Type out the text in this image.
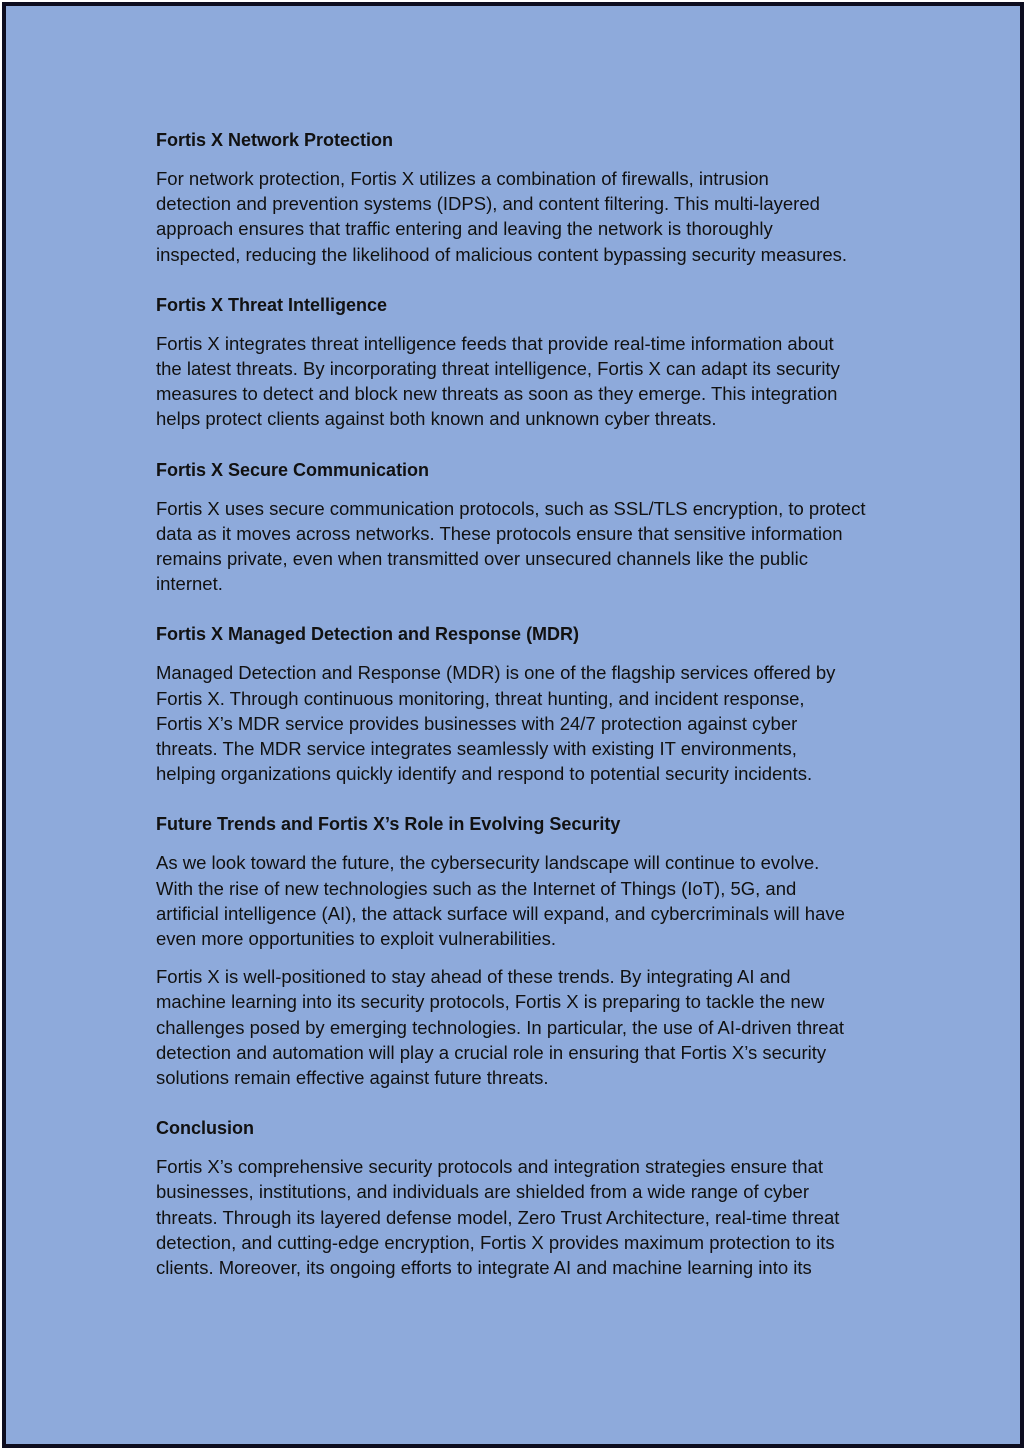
Fortis X Network Protection

For network protection, Fortis X utilizes a combination of firewalls, intrusion
detection and prevention systems (IDPS), and content filtering. This multi-layered
approach ensures that traffic entering and leaving the network is thoroughly
inspected, reducing the likelihood of malicious content bypassing security measures.

Fortis X Threat Intelligence

Fortis X integrates threat intelligence feeds that provide real-time information about
the latest threats. By incorporating threat intelligence, Fortis X can adapt its security
measures to detect and block new threats as soon as they emerge. This integration
helps protect clients against both known and unknown cyber threats.

Fortis X Secure Communication

Fortis X uses secure communication protocols, such as SSL/TLS encryption, to protect
data as it moves across networks. These protocols ensure that sensitive information
remains private, even when transmitted over unsecured channels like the public
internet.

Fortis X Managed Detection and Response (MDR)

Managed Detection and Response (MDR) is one of the flagship services offered by
Fortis X. Through continuous monitoring, threat hunting, and incident response,
Fortis X’s MDR service provides businesses with 24/7 protection against cyber
threats. The MDR service integrates seamlessly with existing IT environments,
helping organizations quickly identify and respond to potential security incidents.

Future Trends and Fortis X’s Role in Evolving Security

As we look toward the future, the cybersecurity landscape will continue to evolve.
With the rise of new technologies such as the Internet of Things (IoT), 5G, and
artificial intelligence (AI), the attack surface will expand, and cybercriminals will have
even more opportunities to exploit vulnerabilities.

Fortis X is well-positioned to stay ahead of these trends. By integrating AI and
machine learning into its security protocols, Fortis X is preparing to tackle the new
challenges posed by emerging technologies. In particular, the use of AI-driven threat
detection and automation will play a crucial role in ensuring that Fortis X’s security
solutions remain effective against future threats.

Conclusion

Fortis X’s comprehensive security protocols and integration strategies ensure that
businesses, institutions, and individuals are shielded from a wide range of cyber
threats. Through its layered defense model, Zero Trust Architecture, real-time threat
detection, and cutting-edge encryption, Fortis X provides maximum protection to its
clients. Moreover, its ongoing efforts to integrate AI and machine learning into its
